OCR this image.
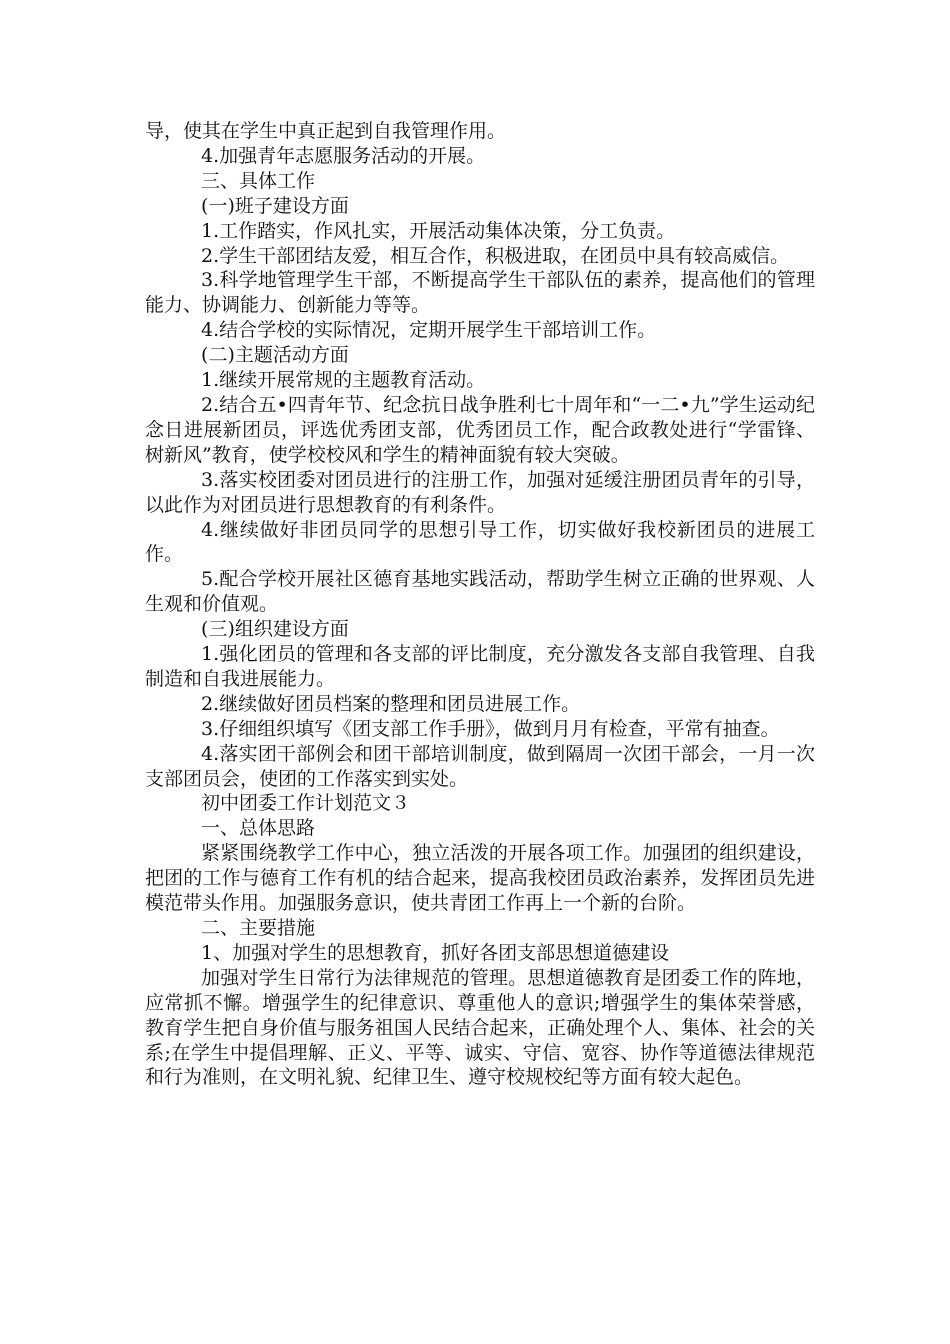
导，使其在学生中真正起到自我管理作用。

4.加强青年志愿服务活动的开展。

三、具体工作

(一)班子建设方面

1.工作踏实，作风扎实，开展活动集体决策，分工负责。

2.学生干部团结友爱，相互合作，积极进取，在团员中具有较高威信。

3.科学地管理学生干部，不断提高学生干部队伍的素养，提高他们的管理能力、协调能力、创新能力等等。

4.结合学校的实际情况，定期开展学生干部培训工作。

(二)主题活动方面

1.继续开展常规的主题教育活动。

2.结合五•四青年节、纪念抗日战争胜利七十周年和“一二•九”学生运动纪念日进展新团员，评选优秀团支部，优秀团员工作，配合政教处进行“学雷锋、树新风”教育，使学校校风和学生的精神面貌有较大突破。

3.落实校团委对团员进行的注册工作，加强对延缓注册团员青年的引导，以此作为对团员进行思想教育的有利条件。

4.继续做好非团员同学的思想引导工作，切实做好我校新团员的进展工作。

5.配合学校开展社区德育基地实践活动，帮助学生树立正确的世界观、人生观和价值观。

(三)组织建设方面

1.强化团员的管理和各支部的评比制度，充分激发各支部自我管理、自我制造和自我进展能力。

2.继续做好团员档案的整理和团员进展工作。

3.仔细组织填写《团支部工作手册》，做到月月有检查，平常有抽查。

4.落实团干部例会和团干部培训制度，做到隔周一次团干部会，一月一次支部团员会，使团的工作落实到实处。

初中团委工作计划范文３

一、总体思路

紧紧围绕教学工作中心，独立活泼的开展各项工作。加强团的组织建设，把团的工作与德育工作有机的结合起来，提高我校团员政治素养，发挥团员先进模范带头作用。加强服务意识，使共青团工作再上一个新的台阶。

二、主要措施

1、加强对学生的思想教育，抓好各团支部思想道德建设

加强对学生日常行为法律规范的管理。思想道德教育是团委工作的阵地，应常抓不懈。增强学生的纪律意识、尊重他人的意识;增强学生的集体荣誉感，教育学生把自身价值与服务祖国人民结合起来，正确处理个人、集体、社会的关系;在学生中提倡理解、正义、平等、诚实、守信、宽容、协作等道德法律规范和行为准则，在文明礼貌、纪律卫生、遵守校规校纪等方面有较大起色。
